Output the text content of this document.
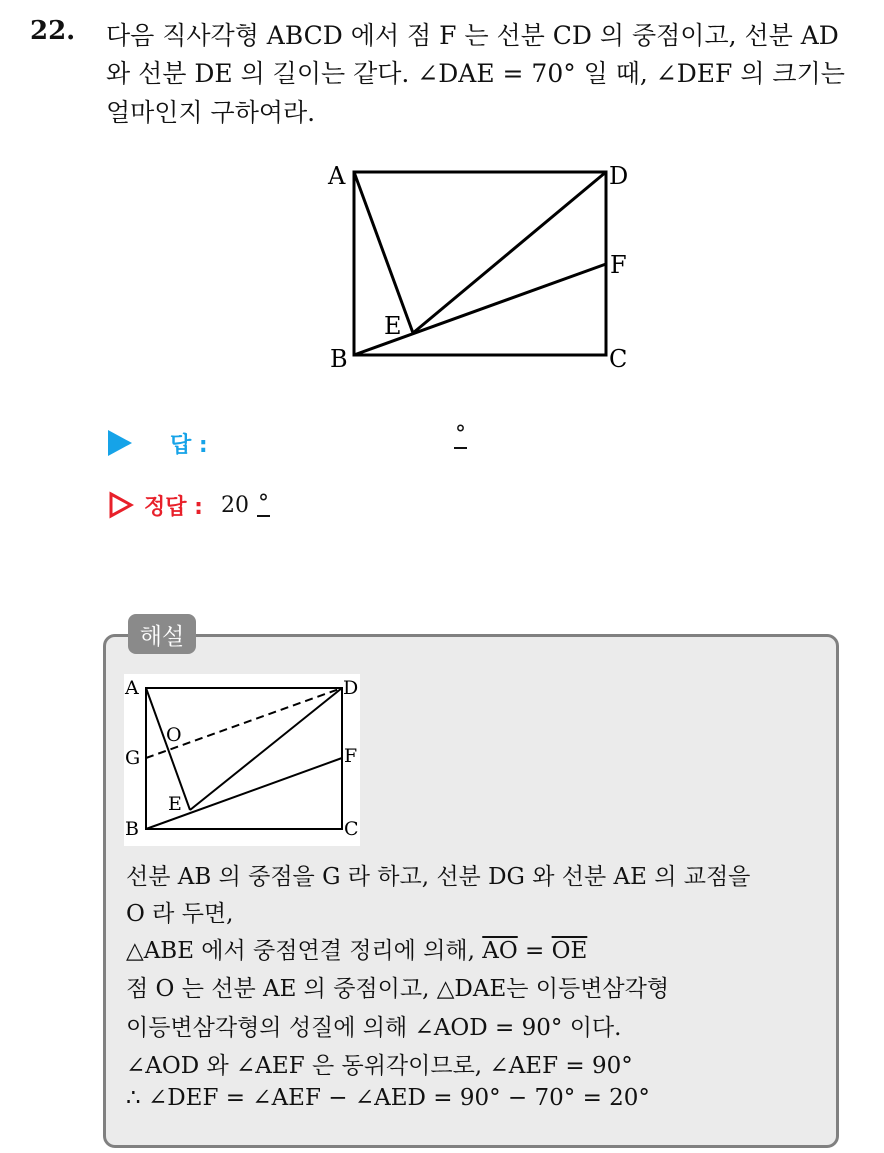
22. 다음 직사각형 ABCD 에서 점 F 는 선분 CD 의 중점이고, 선분 AD
와 선분 DE 의 길이는 같다. ∠DAE = 70° 일 때, ∠DEF 의 크기는
얼마인지 구하여라.
A	D
F
E
B	C
답 :	°
정답 : 20 °
해설
A	D
O
G	F
E
B	C
선분 AB 의 중점을 G 라 하고, 선분 DG 와 선분 AE 의 교점을
O 라 두면,
△ABE 에서 중점연결 정리에 의해, $\overline{AO} = \overline{OE}$
점 O 는 선분 AE 의 중점이고, △DAE는 이등변삼각형
이등변삼각형의 성질에 의해 ∠AOD = 90° 이다.
∠AOD 와 ∠AEF 은 동위각이므로, ∠AEF = 90°
∴ ∠DEF = ∠AEF − ∠AED = 90° − 70° = 20°
